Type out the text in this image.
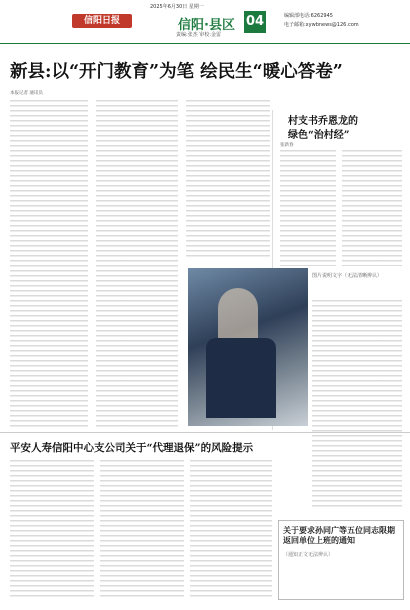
2025年6月30日 星期一
信阳日报	信阳·县区 04
责编:张杰 审校:金雷
编辑部电话:6262945
电子邮箱:xywbnews@126.com
新县:以“开门教育”为笔 绘民生“暖心答卷”
本报记者 通讯员
村支书乔恩龙的
绿色“治村经”
张新春
图片说明文字（无法清晰辨认）
平安人寿信阳中心支公司关于“代理退保”的风险提示
关于要求孙同广等五位同志限期返回单位上班的通知
（通知正文无法辨认）
